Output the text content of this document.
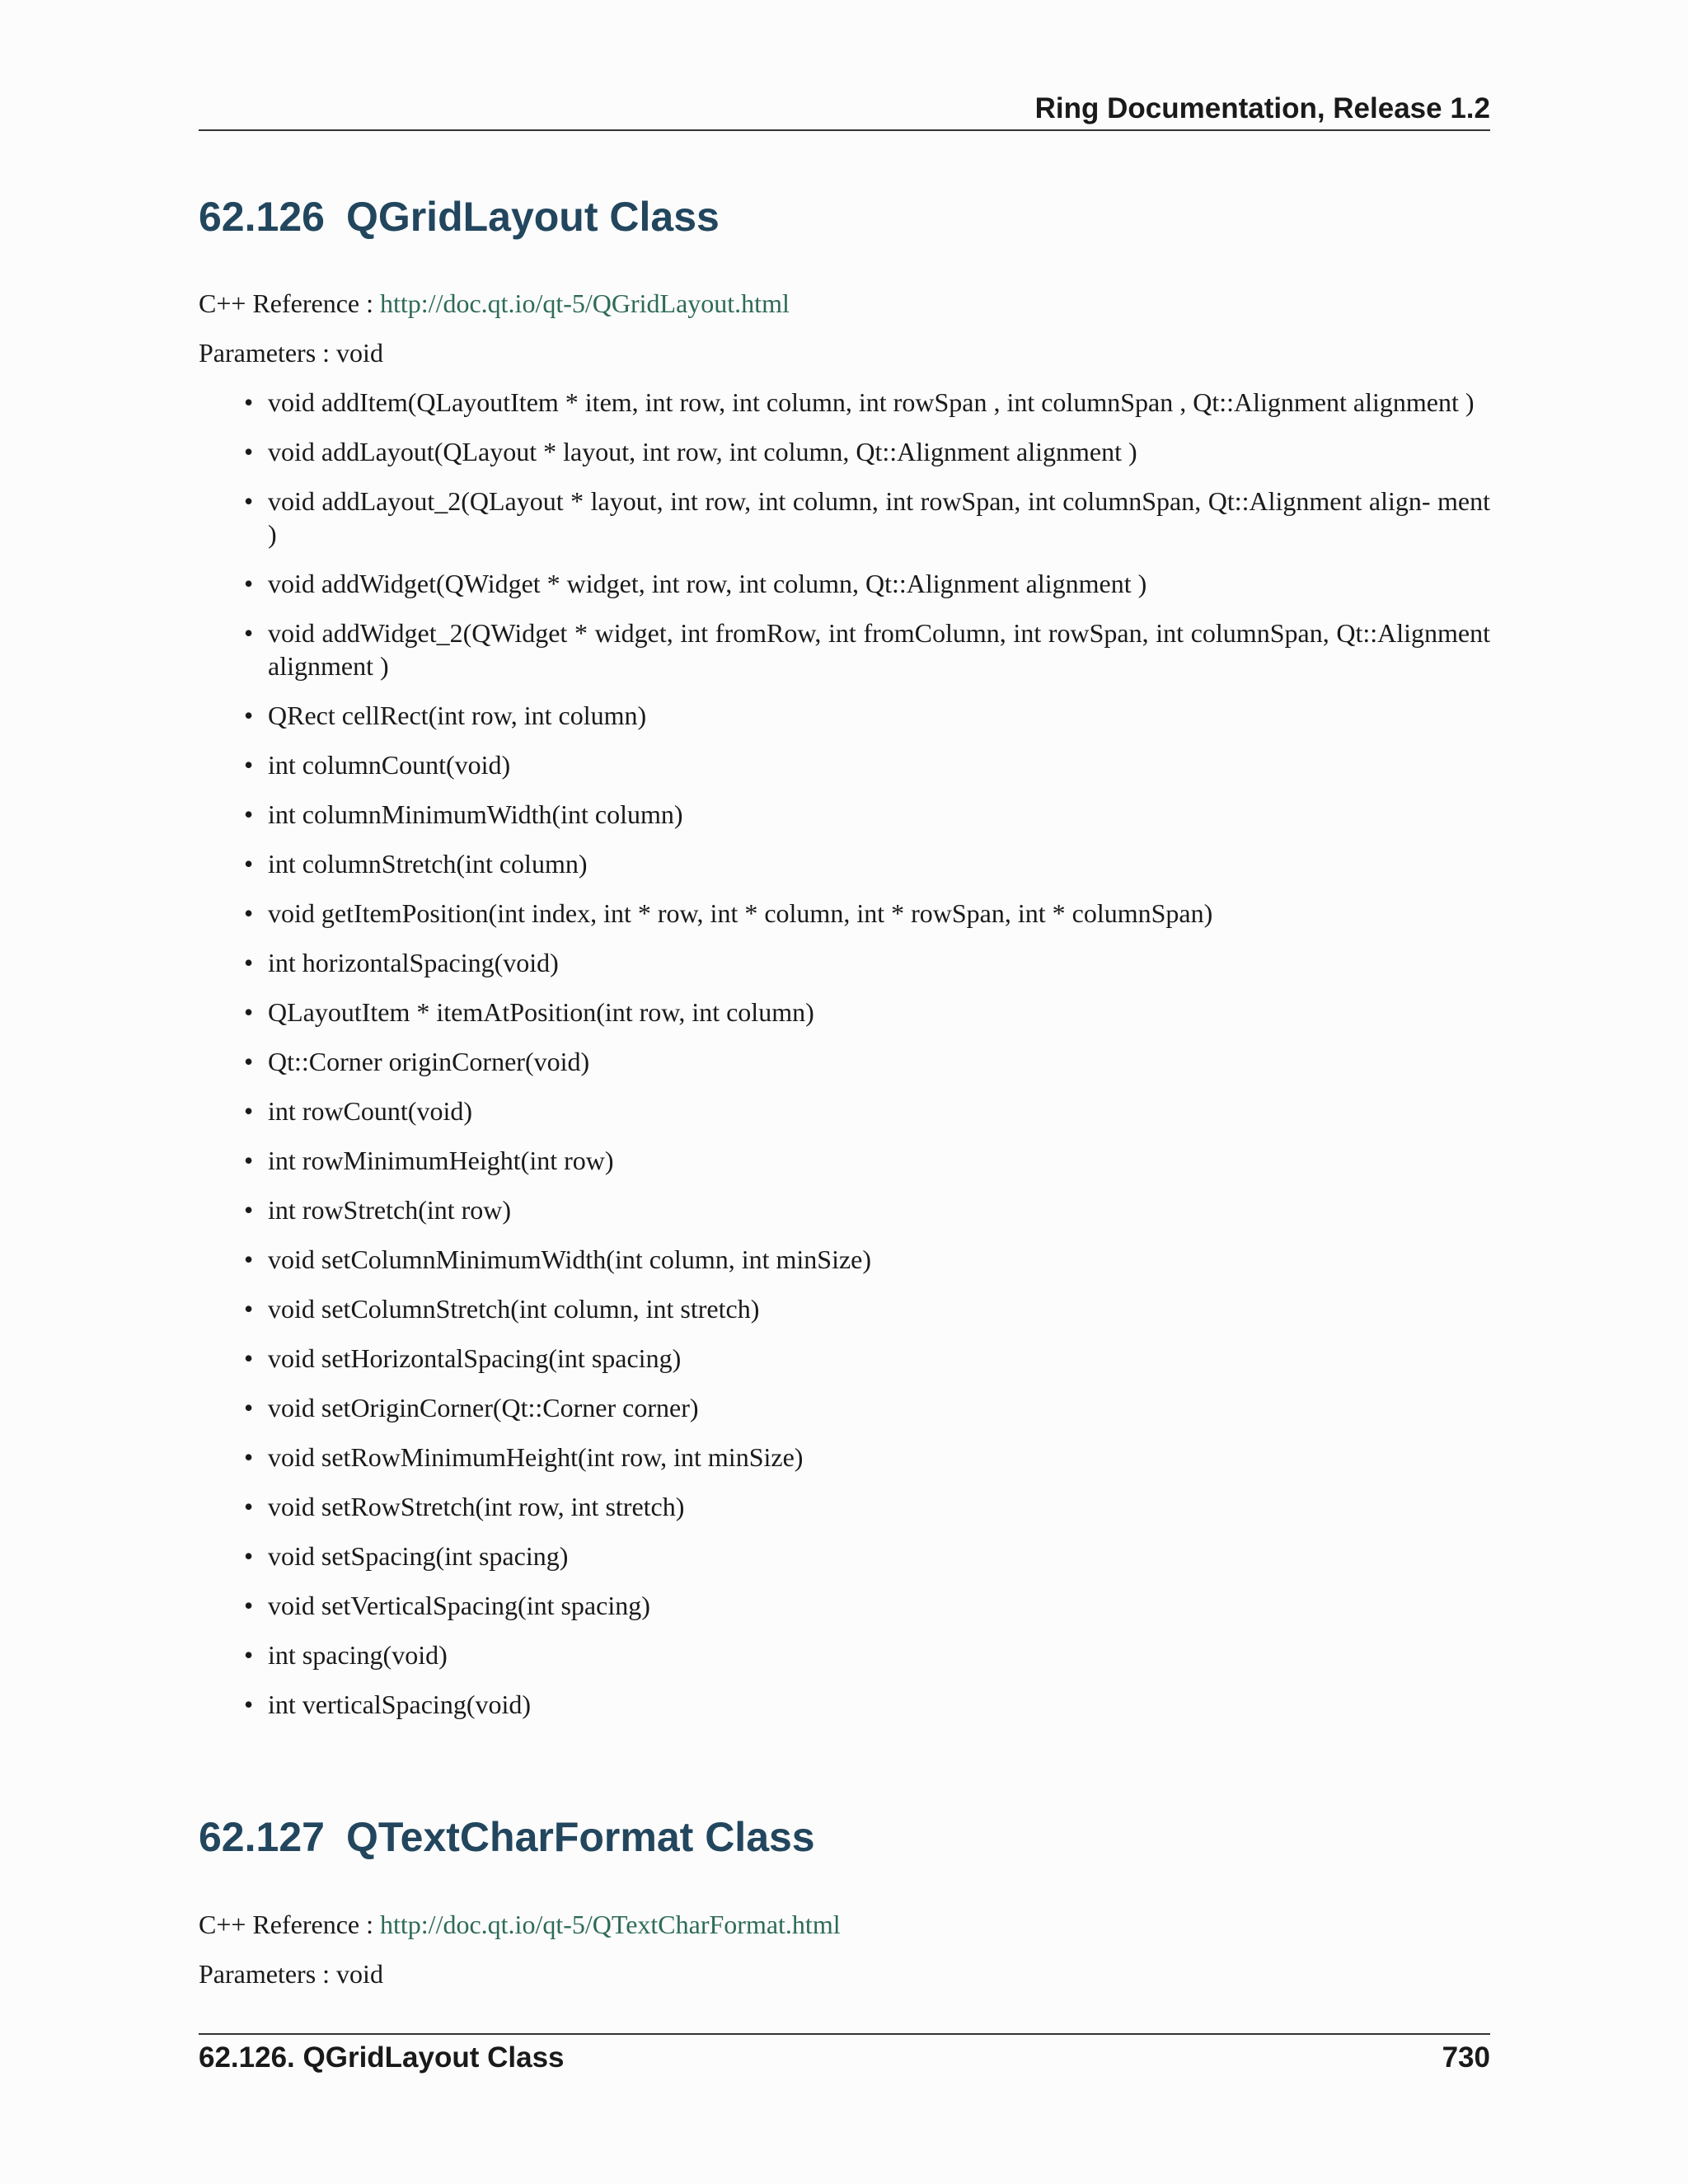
Ring Documentation, Release 1.2
62.126 QGridLayout Class
C++ Reference : http://doc.qt.io/qt-5/QGridLayout.html
Parameters : void
• void addItem(QLayoutItem * item, int row, int column, int rowSpan , int columnSpan , Qt::Alignment alignment )
• void addLayout(QLayout * layout, int row, int column, Qt::Alignment alignment )
• void addLayout_2(QLayout * layout, int row, int column, int rowSpan, int columnSpan, Qt::Alignment align- ment )
• void addWidget(QWidget * widget, int row, int column, Qt::Alignment alignment )
• void addWidget_2(QWidget * widget, int fromRow, int fromColumn, int rowSpan, int columnSpan, Qt::Alignment alignment )
• QRect cellRect(int row, int column)
• int columnCount(void)
• int columnMinimumWidth(int column)
• int columnStretch(int column)
• void getItemPosition(int index, int * row, int * column, int * rowSpan, int * columnSpan)
• int horizontalSpacing(void)
• QLayoutItem * itemAtPosition(int row, int column)
• Qt::Corner originCorner(void)
• int rowCount(void)
• int rowMinimumHeight(int row)
• int rowStretch(int row)
• void setColumnMinimumWidth(int column, int minSize)
• void setColumnStretch(int column, int stretch)
• void setHorizontalSpacing(int spacing)
• void setOriginCorner(Qt::Corner corner)
• void setRowMinimumHeight(int row, int minSize)
• void setRowStretch(int row, int stretch)
• void setSpacing(int spacing)
• void setVerticalSpacing(int spacing)
• int spacing(void)
• int verticalSpacing(void)
62.127 QTextCharFormat Class
C++ Reference : http://doc.qt.io/qt-5/QTextCharFormat.html
Parameters : void
62.126. QGridLayout Class	730
